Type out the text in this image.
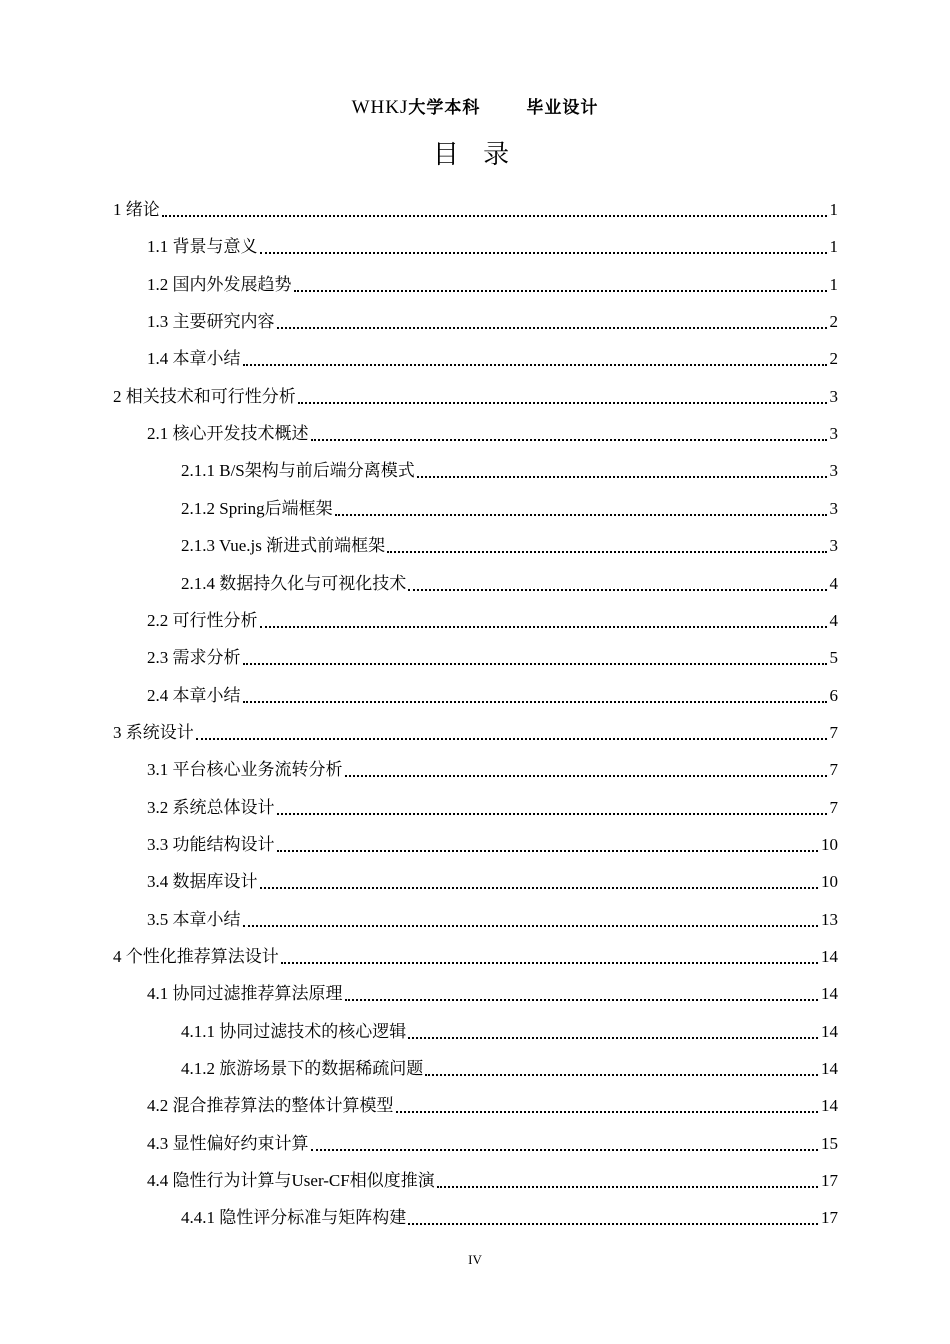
WHKJ大学本科	毕业设计
目 录
1 绪论	1
1.1 背景与意义	1
1.2 国内外发展趋势	1
1.3 主要研究内容	2
1.4 本章小结	2
2 相关技术和可行性分析	3
2.1 核心开发技术概述	3
2.1.1 B/S架构与前后端分离模式	3
2.1.2 Spring后端框架	3
2.1.3 Vue.js 渐进式前端框架	3
2.1.4 数据持久化与可视化技术	4
2.2 可行性分析	4
2.3 需求分析	5
2.4 本章小结	6
3 系统设计	7
3.1 平台核心业务流转分析	7
3.2 系统总体设计	7
3.3 功能结构设计	10
3.4 数据库设计	10
3.5 本章小结	13
4 个性化推荐算法设计	14
4.1 协同过滤推荐算法原理	14
4.1.1 协同过滤技术的核心逻辑	14
4.1.2 旅游场景下的数据稀疏问题	14
4.2 混合推荐算法的整体计算模型	14
4.3 显性偏好约束计算	15
4.4 隐性行为计算与User-CF相似度推演	17
4.4.1 隐性评分标准与矩阵构建	17
IV
